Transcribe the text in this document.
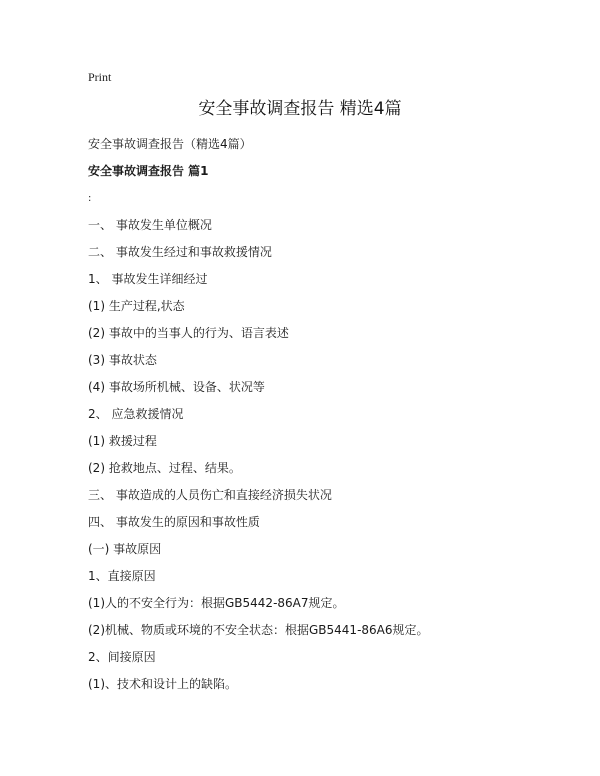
Print
安全事故调查报告 精选4篇
安全事故调查报告（精选4篇）
安全事故调查报告 篇1
:
一、 事故发生单位概况
二、 事故发生经过和事故救援情况
1、 事故发生详细经过
(1) 生产过程,状态
(2) 事故中的当事人的行为、语言表述
(3) 事故状态
(4) 事故场所机械、设备、状况等
2、 应急救援情况
(1) 救援过程
(2) 抢救地点、过程、结果。
三、 事故造成的人员伤亡和直接经济损失状况
四、 事故发生的原因和事故性质
(一) 事故原因
1、直接原因
(1)人的不安全行为：根据GB5442-86A7规定。
(2)机械、物质或环境的不安全状态：根据GB5441-86A6规定。
2、间接原因
(1)、技术和设计上的缺陷。
